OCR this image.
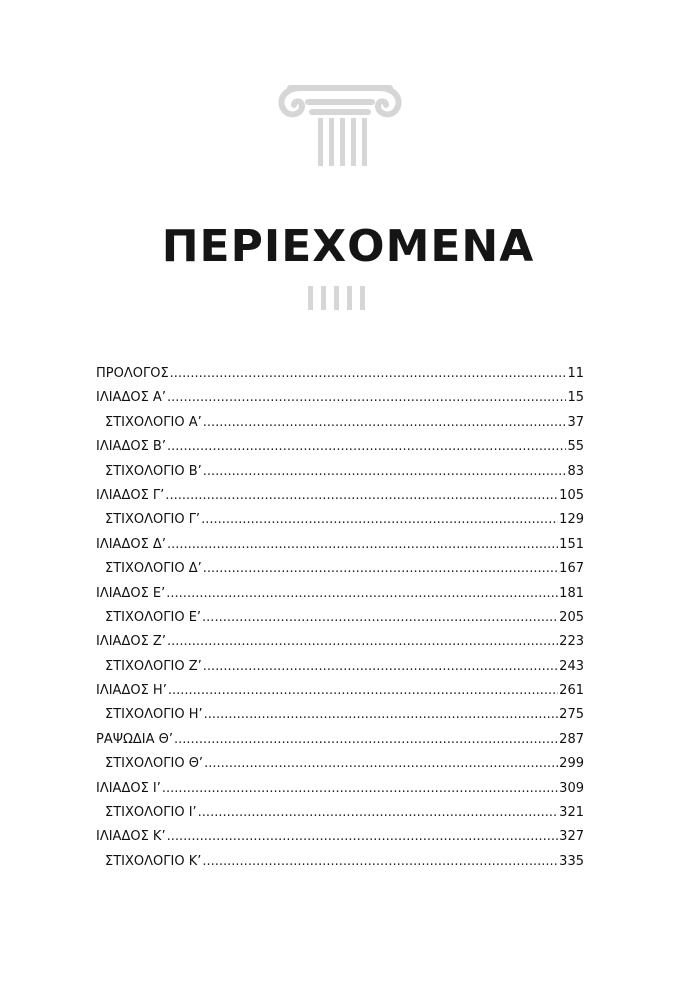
ΠΕΡΙΕΧΟΜΕΝΑ
ΠΡΟΛΟΓΟΣ .....	11
ΙΛΙΑΔΟΣ Α’ .....	15
ΣΤΙΧΟΛΟΓΙΟ Α’ .....	37
ΙΛΙΑΔΟΣ Β’ .....	55
ΣΤΙΧΟΛΟΓΙΟ Β’ .....	83
ΙΛΙΑΔΟΣ Γ’ .....	105
ΣΤΙΧΟΛΟΓΙΟ Γ’ .....	129
ΙΛΙΑΔΟΣ Δ’ .....	151
ΣΤΙΧΟΛΟΓΙΟ Δ’ .....	167
ΙΛΙΑΔΟΣ Ε’ .....	181
ΣΤΙΧΟΛΟΓΙΟ Ε’ .....	205
ΙΛΙΑΔΟΣ Ζ’ .....	223
ΣΤΙΧΟΛΟΓΙΟ Ζ’ .....	243
ΙΛΙΑΔΟΣ Η’ .....	261
ΣΤΙΧΟΛΟΓΙΟ Η’ .....	275
ΡΑΨΩΔΙΑ Θ’ .....	287
ΣΤΙΧΟΛΟΓΙΟ Θ’ .....	299
ΙΛΙΑΔΟΣ Ι’ .....	309
ΣΤΙΧΟΛΟΓΙΟ Ι’ .....	321
ΙΛΙΑΔΟΣ Κ’ .....	327
ΣΤΙΧΟΛΟΓΙΟ Κ’ .....	335
